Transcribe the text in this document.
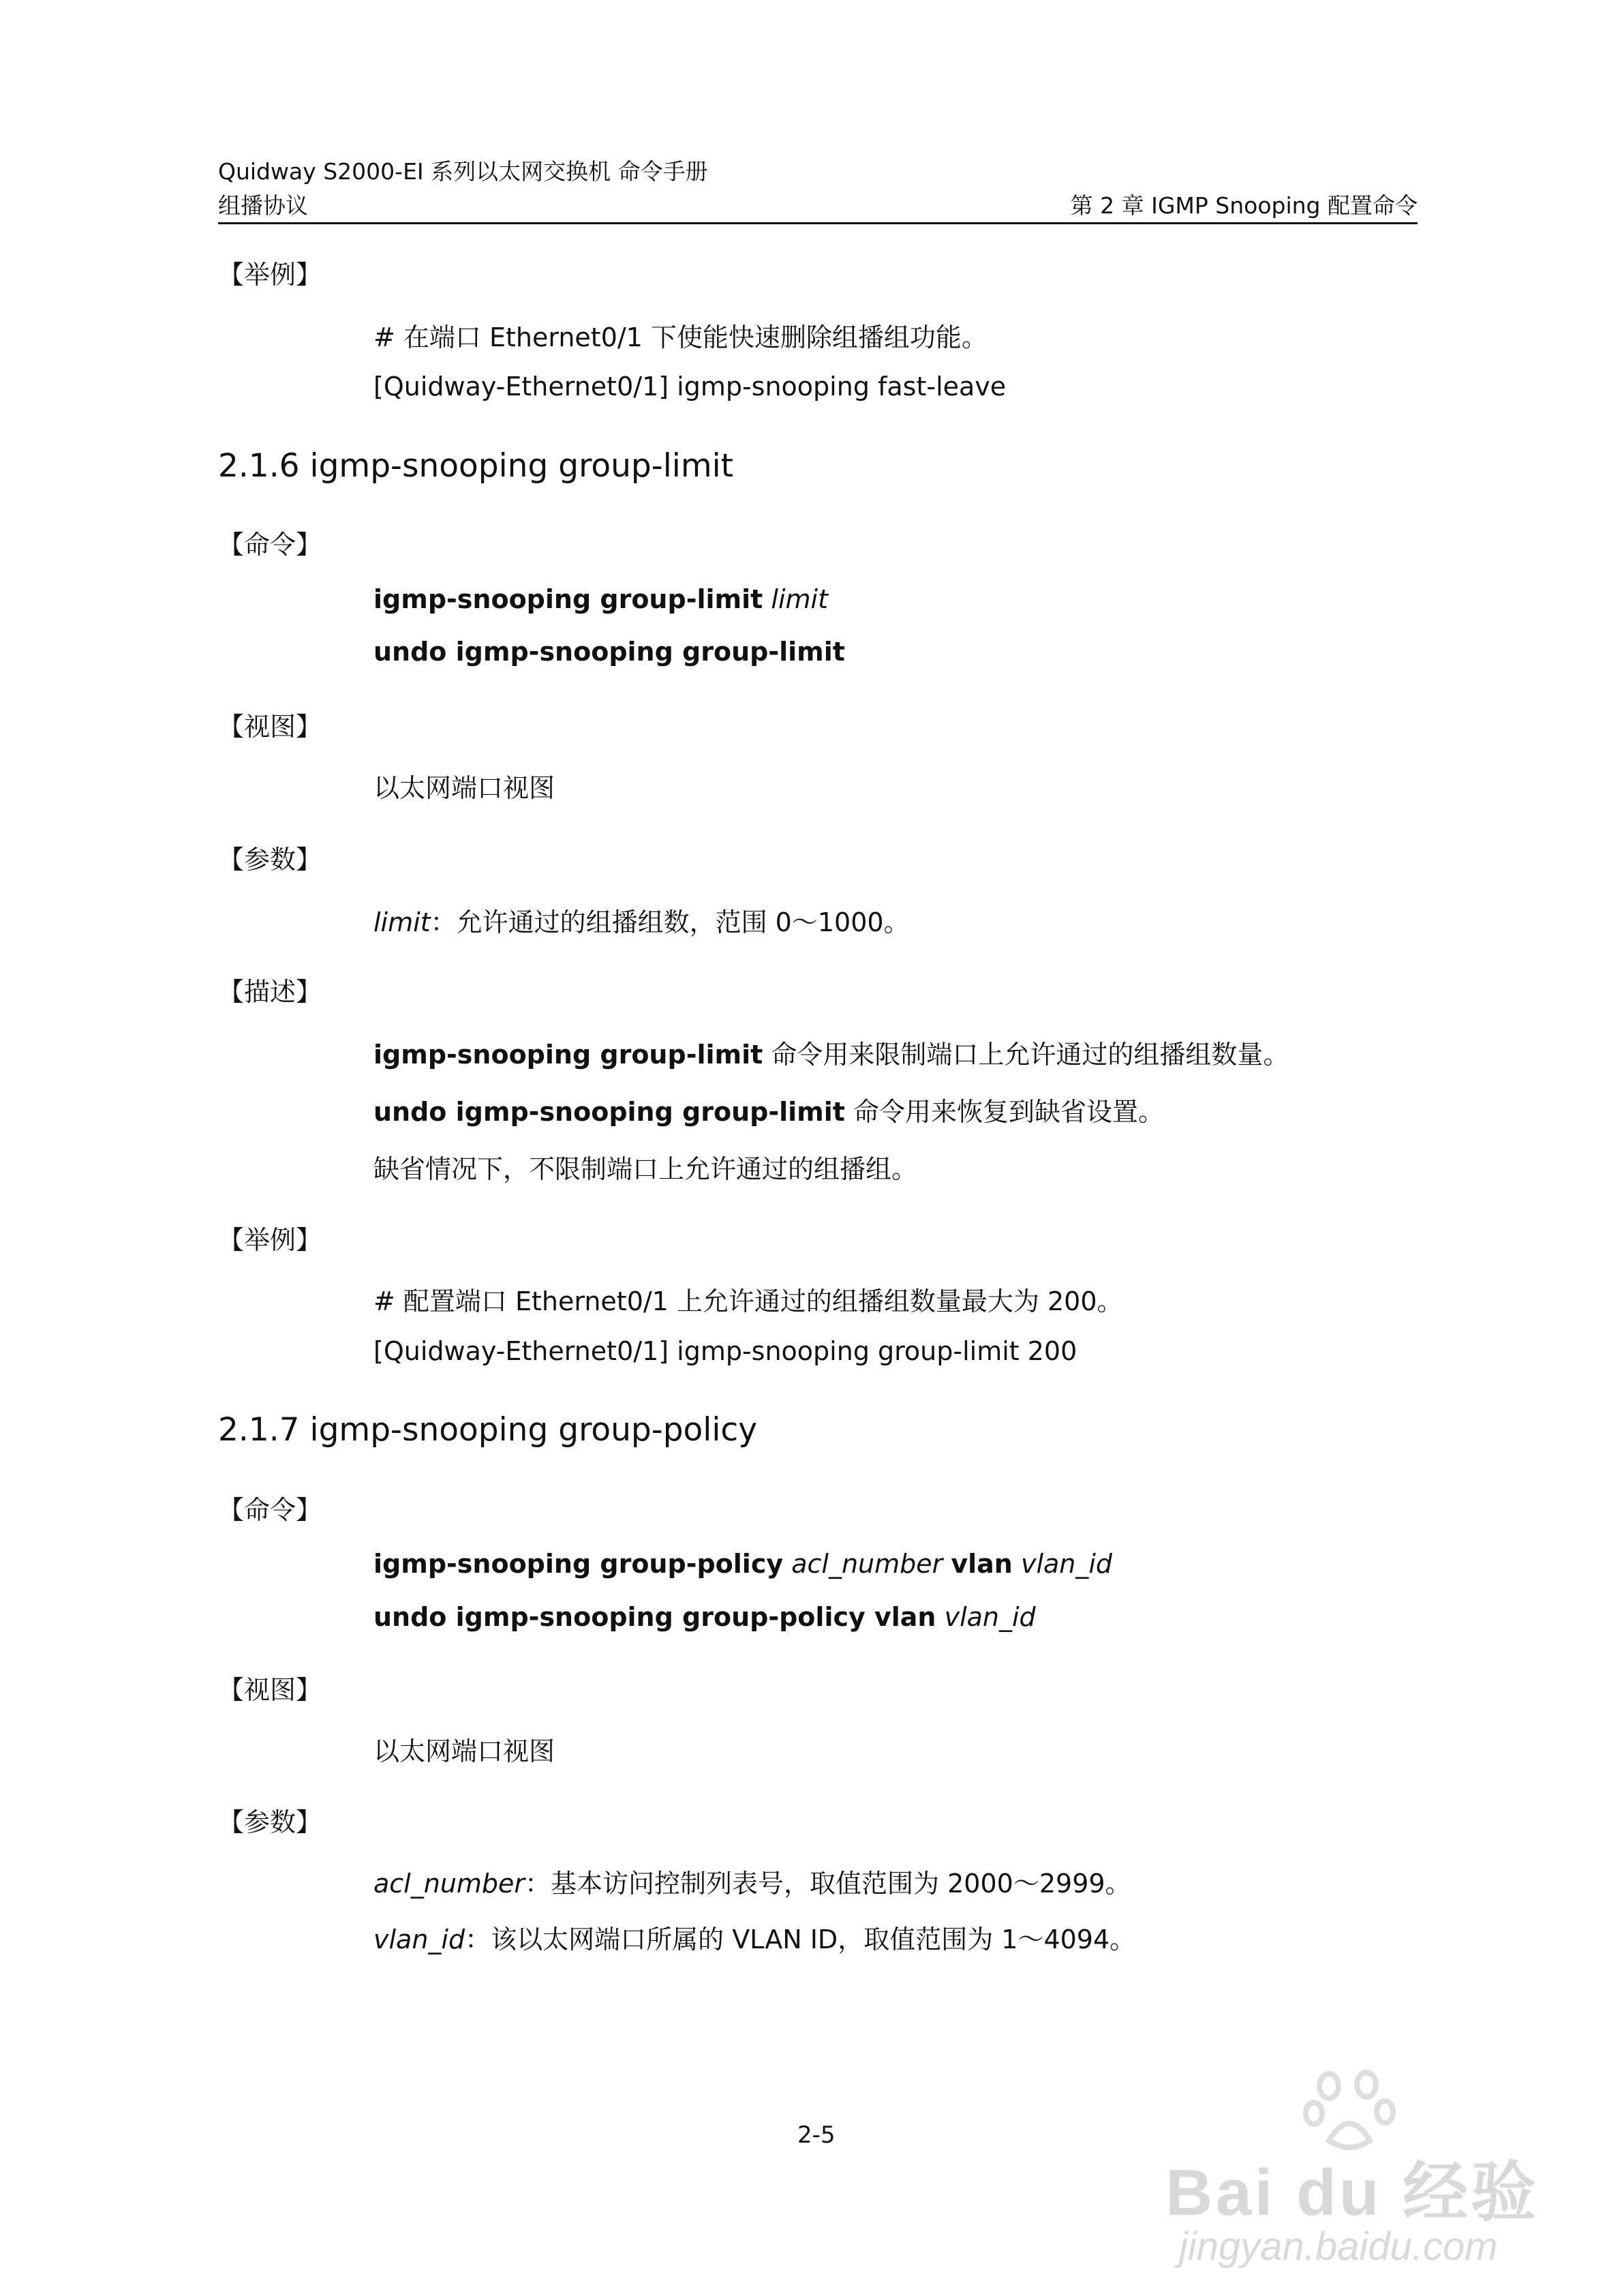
Quidway S2000-EI 系列以太网交换机 命令手册
组播协议	第 2 章 IGMP Snooping 配置命令
【举例】
# 在端口 Ethernet0/1 下使能快速删除组播组功能。
[Quidway-Ethernet0/1] igmp-snooping fast-leave
2.1.6 igmp-snooping group-limit
【命令】
igmp-snooping group-limit limit
undo igmp-snooping group-limit
【视图】
以太网端口视图
【参数】
limit：允许通过的组播组数，范围 0～1000。
【描述】
igmp-snooping group-limit 命令用来限制端口上允许通过的组播组数量。
undo igmp-snooping group-limit 命令用来恢复到缺省设置。
缺省情况下，不限制端口上允许通过的组播组。
【举例】
# 配置端口 Ethernet0/1 上允许通过的组播组数量最大为 200。
[Quidway-Ethernet0/1] igmp-snooping group-limit 200
2.1.7 igmp-snooping group-policy
【命令】
igmp-snooping group-policy acl_number vlan vlan_id
undo igmp-snooping group-policy vlan vlan_id
【视图】
以太网端口视图
【参数】
acl_number：基本访问控制列表号，取值范围为 2000～2999。
vlan_id：该以太网端口所属的 VLAN ID，取值范围为 1～4094。
2-5
Bai du 经验
jingyan.baidu.com
